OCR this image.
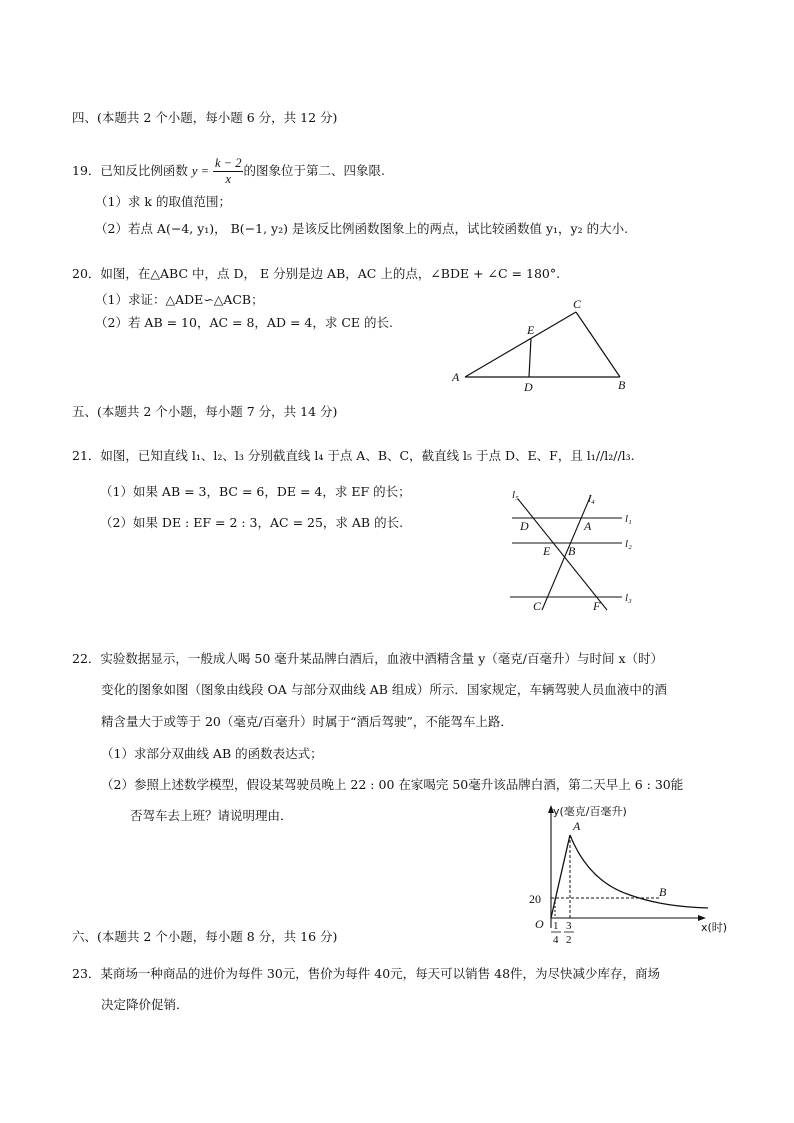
四、(本题共 2 个小题，每小题 6 分，共 12 分)
19．已知反比例函数 $y = \frac{k - 2}{x}$ 的图象位于第二、四象限.
（1）求 k 的取值范围；
（2）若点 A(−4, y₁)， B(−1, y₂) 是该反比例函数图象上的两点，试比较函数值 y₁，y₂ 的大小.
20．如图，在△ABC 中，点 D， E 分别是边 AB，AC 上的点，∠BDE + ∠C = 180°.
（1）求证：△ADE∽△ACB；
（2）若 AB = 10，AC = 8，AD = 4，求 CE 的长.
A
B
C
D
E
五、(本题共 2 个小题，每小题 7 分，共 14 分)
21．如图，已知直线 l₁、l₂、l₃ 分别截直线 l₄ 于点 A、B、C，截直线 l₅ 于点 D、E、F，且 l₁//l₂//l₃.
（1）如果 AB = 3，BC = 6，DE = 4，求 EF 的长；
（2）如果 DE : EF = 2 : 3，AC = 25，求 AB 的长.
l₅	l₄
l₁
l₂
l₃
D	A
E B
C	F
22．实验数据显示，一般成人喝 50 毫升某品牌白酒后，血液中酒精含量 y（毫克/百毫升）与时间 x（时）
变化的图象如图（图象由线段 OA 与部分双曲线 AB 组成）所示．国家规定，车辆驾驶人员血液中的酒
精含量大于或等于 20（毫克/百毫升）时属于“酒后驾驶”，不能驾车上路．
（1）求部分双曲线 AB 的函数表达式；
（2）参照上述数学模型，假设某驾驶员晚上 22 : 00 在家喝完 50毫升该品牌白酒，第二天早上 6 : 30能
否驾车去上班？请说明理由．	y(毫克/百毫升)
x(时)
O
20
A
B
1
4
3
2
六、(本题共 2 个小题，每小题 8 分，共 16 分)
23．某商场一种商品的进价为每件 30元，售价为每件 40元，每天可以销售 48件，为尽快减少库存，商场
决定降价促销．
